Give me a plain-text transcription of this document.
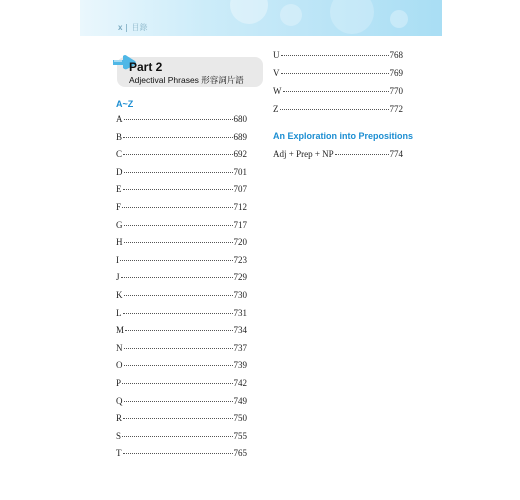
x 目錄
Part 2
Adjectival Phrases 形容詞片語
A~Z
A	680
B	689
C	692
D	701
E	707
F	712
G	717
H	720
I	723
J	729
K	730
L	731
M	734
N	737
O	739
P	742
Q	749
R	750
S	755
T	765
U	768
V	769
W	770
Z	772
An Exploration into Prepositions
Adj + Prep + NP	774
